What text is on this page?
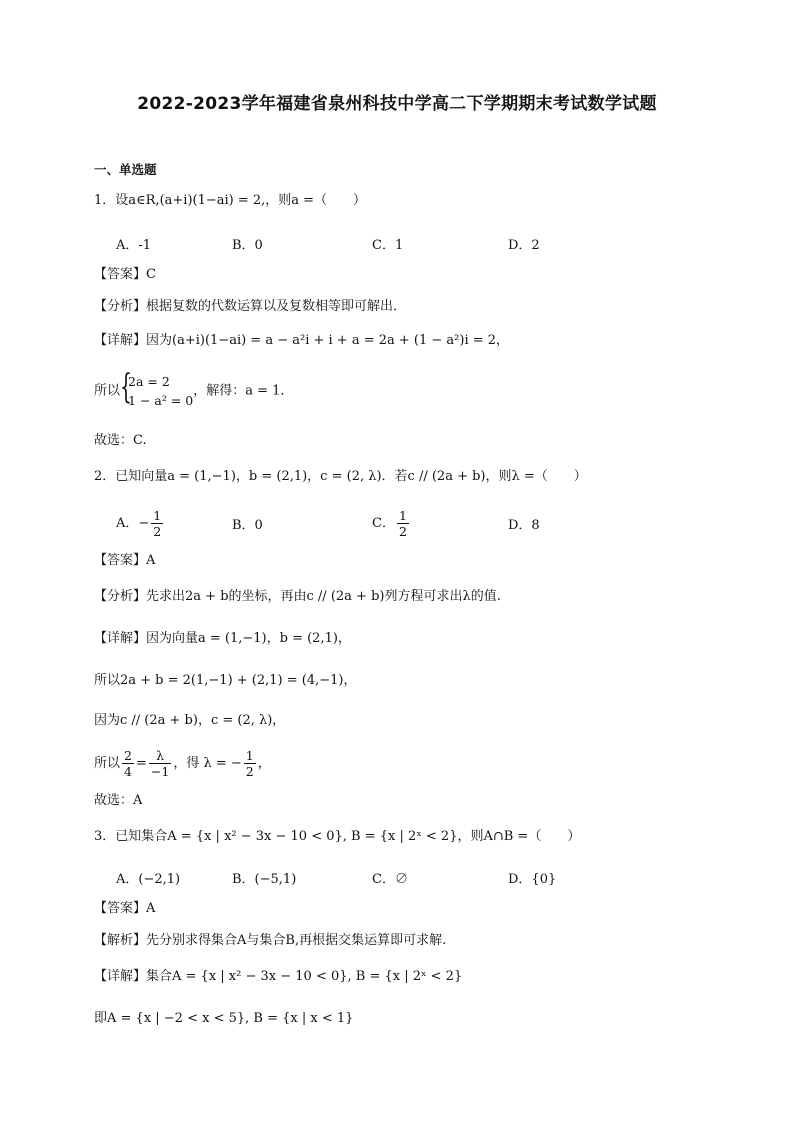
2022-2023学年福建省泉州科技中学高二下学期期末考试数学试题
一、单选题
1．设a∈R,(a+i)(1−ai) = 2,，则a =（　　）
A．-1	B．0	C．1	D．2
【答案】C
【分析】根据复数的代数运算以及复数相等即可解出．
【详解】因为(a+i)(1−ai) = a − a²i + i + a = 2a + (1 − a²)i = 2，
所以 {
2a = 2
1 − a² = 0
，解得：a = 1．
故选：C.
2．已知向量a = (1,−1)，b = (2,1)，c = (2, λ)．若c // (2a + b)，则λ =（　　）
A．− $\frac{1}{2}$	B．0	C． $\frac{1}{2}$	D．8
【答案】A
【分析】先求出2a + b的坐标，再由c // (2a + b)列方程可求出λ的值.
【详解】因为向量a = (1,−1)，b = (2,1)，
所以2a + b = 2(1,−1) + (2,1) = (4,−1)，
因为c // (2a + b)，c = (2, λ)，
所以 $\frac{2}{4} = \frac{\lambda}{-1}$ ，得 λ = − $\frac{1}{2}$ ，
故选：A
3．已知集合A = {x | x² − 3x − 10 < 0}, B = {x | 2ˣ < 2}，则A∩B =（　　）
A．(−2,1)	B．(−5,1)	C．∅	D．{0}
【答案】A
【解析】先分别求得集合A与集合B,再根据交集运算即可求解.
【详解】集合A = {x | x² − 3x − 10 < 0}, B = {x | 2ˣ < 2}
即A = {x | −2 < x < 5}, B = {x | x < 1}
